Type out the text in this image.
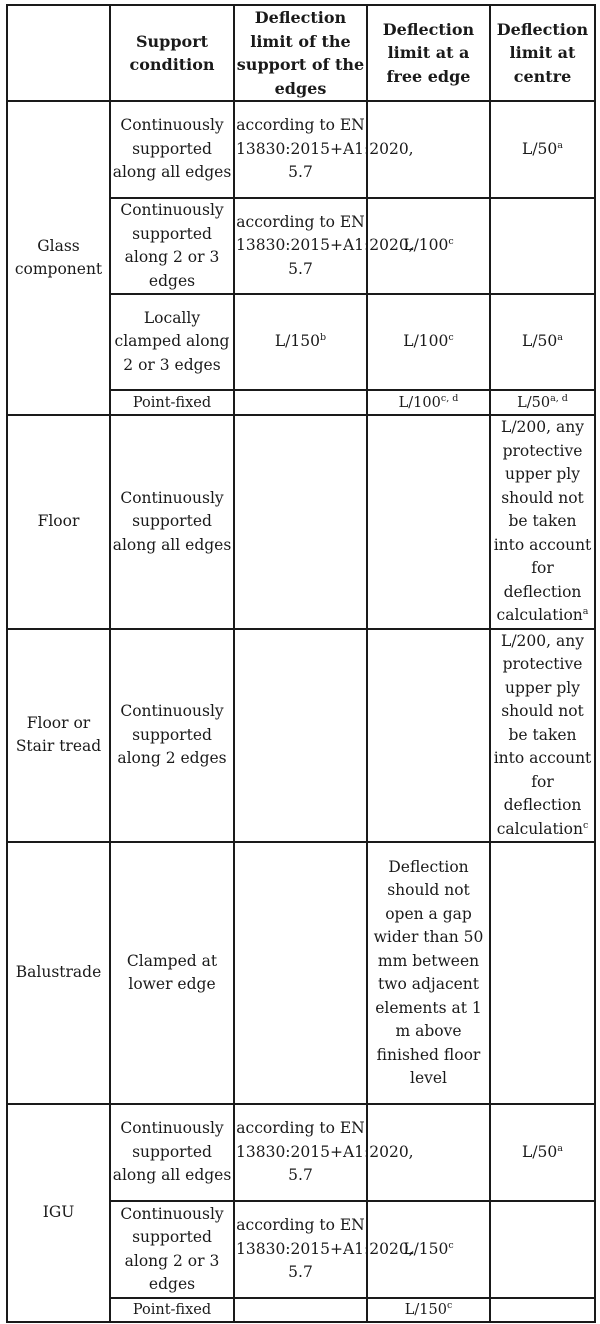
	Support condition	Deflection limit of the support of the edges	Deflection limit at a free edge	Deflection limit at centre
Glass component	Continuously supported along all edges	according to EN 13830:2015+A1:2020, 5.7		L/50$^a$
	Continuously supported along 2 or 3 edges	according to EN 13830:2015+A1:2020, 5.7	L/100$^c$	
	Locally clamped along 2 or 3 edges	L/150$^b$	L/100$^c$	L/50$^a$
	Point-fixed		L/100$^{c, d}$	L/50$^{a, d}$
Floor	Continuously supported along all edges			L/200, any protective upper ply should not be taken into account for deflection calculation$^a$
Floor or Stair tread	Continuously supported along 2 edges			L/200, any protective upper ply should not be taken into account for deflection calculation$^c$
Balustrade	Clamped at lower edge		Deflection should not open a gap wider than 50 mm between two adjacent elements at 1 m above finished floor level	
IGU	Continuously supported along all edges	according to EN 13830:2015+A1:2020, 5.7		L/50$^a$
	Continuously supported along 2 or 3 edges	according to EN 13830:2015+A1:2020, 5.7	L/150$^c$	
	Point-fixed		L/150$^c$	
